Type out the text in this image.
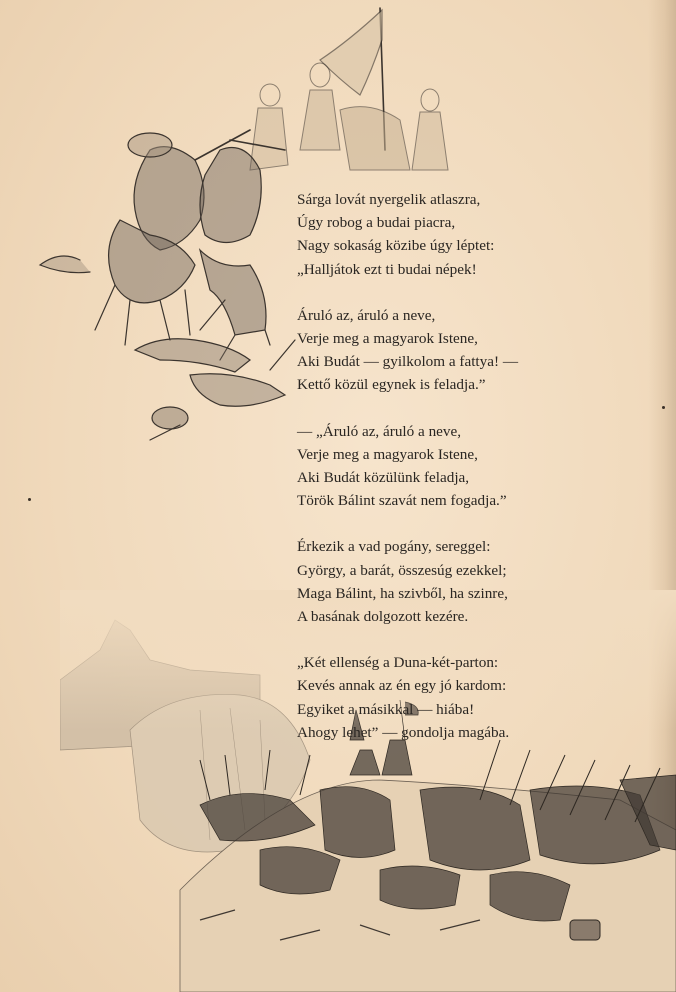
Sárga lovát nyergelik atlaszra,
Úgy robog a budai piacra,
Nagy sokaság közibe úgy léptet:
„Halljátok ezt ti budai népek!
Áruló az, áruló a neve,
Verje meg a magyarok Istene,
Aki Budát — gyilkolom a fattya! —
Kettő közül egynek is feladja.”
— „Áruló az, áruló a neve,
Verje meg a magyarok Istene,
Aki Budát közülünk feladja,
Török Bálint szavát nem fogadja.”
Érkezik a vad pogány, sereggel:
György, a barát, összesúg ezekkel;
Maga Bálint, ha szivből, ha szinre,
A basának dolgozott kezére.
„Két ellenség a Duna-két-parton:
Kevés annak az én egy jó kardom:
Egyiket a másikkal — hiába!
Ahogy lehet” — gondolja magába.
